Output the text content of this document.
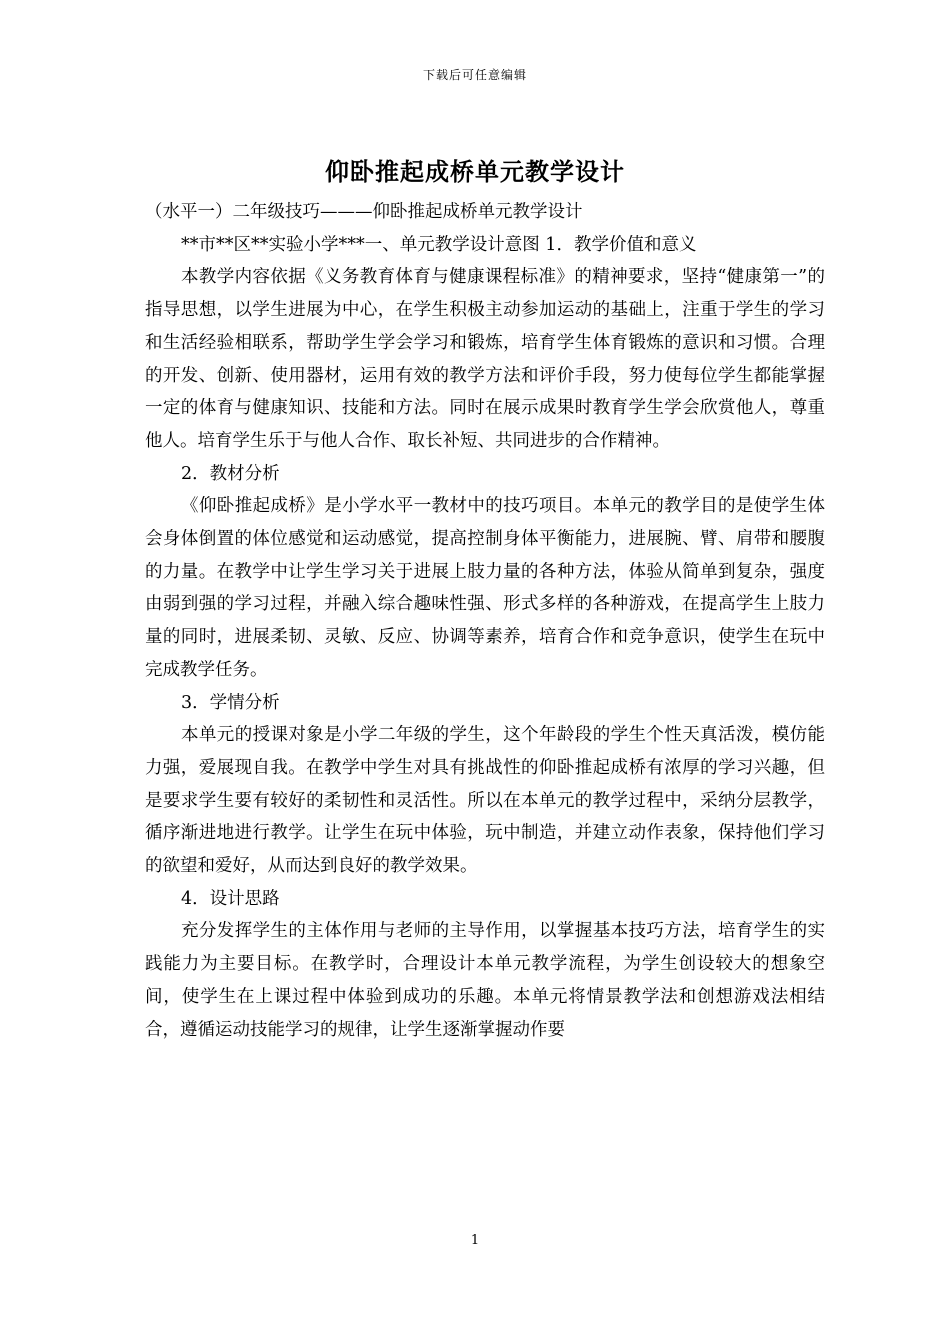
下载后可任意编辑
仰卧推起成桥单元教学设计

（水平一）二年级技巧———仰卧推起成桥单元教学设计

**市**区**实验小学***一、单元教学设计意图 1．教学价值和意义

本教学内容依据《义务教育体育与健康课程标准》的精神要求，坚持“健康第一”的指导思想，以学生进展为中心，在学生积极主动参加运动的基础上，注重于学生的学习和生活经验相联系，帮助学生学会学习和锻炼，培育学生体育锻炼的意识和习惯。合理的开发、创新、使用器材，运用有效的教学方法和评价手段，努力使每位学生都能掌握一定的体育与健康知识、技能和方法。同时在展示成果时教育学生学会欣赏他人，尊重他人。培育学生乐于与他人合作、取长补短、共同进步的合作精神。

2．教材分析

《仰卧推起成桥》是小学水平一教材中的技巧项目。本单元的教学目的是使学生体会身体倒置的体位感觉和运动感觉，提高控制身体平衡能力，进展腕、臂、肩带和腰腹的力量。在教学中让学生学习关于进展上肢力量的各种方法，体验从简单到复杂，强度由弱到强的学习过程，并融入综合趣味性强、形式多样的各种游戏，在提高学生上肢力量的同时，进展柔韧、灵敏、反应、协调等素养，培育合作和竞争意识，使学生在玩中完成教学任务。

3．学情分析

本单元的授课对象是小学二年级的学生，这个年龄段的学生个性天真活泼，模仿能力强，爱展现自我。在教学中学生对具有挑战性的仰卧推起成桥有浓厚的学习兴趣，但是要求学生要有较好的柔韧性和灵活性。所以在本单元的教学过程中，采纳分层教学，循序渐进地进行教学。让学生在玩中体验，玩中制造，并建立动作表象，保持他们学习的欲望和爱好，从而达到良好的教学效果。

4．设计思路

充分发挥学生的主体作用与老师的主导作用，以掌握基本技巧方法，培育学生的实践能力为主要目标。在教学时，合理设计本单元教学流程，为学生创设较大的想象空间，使学生在上课过程中体验到成功的乐趣。本单元将情景教学法和创想游戏法相结合，遵循运动技能学习的规律，让学生逐渐掌握动作要

1
